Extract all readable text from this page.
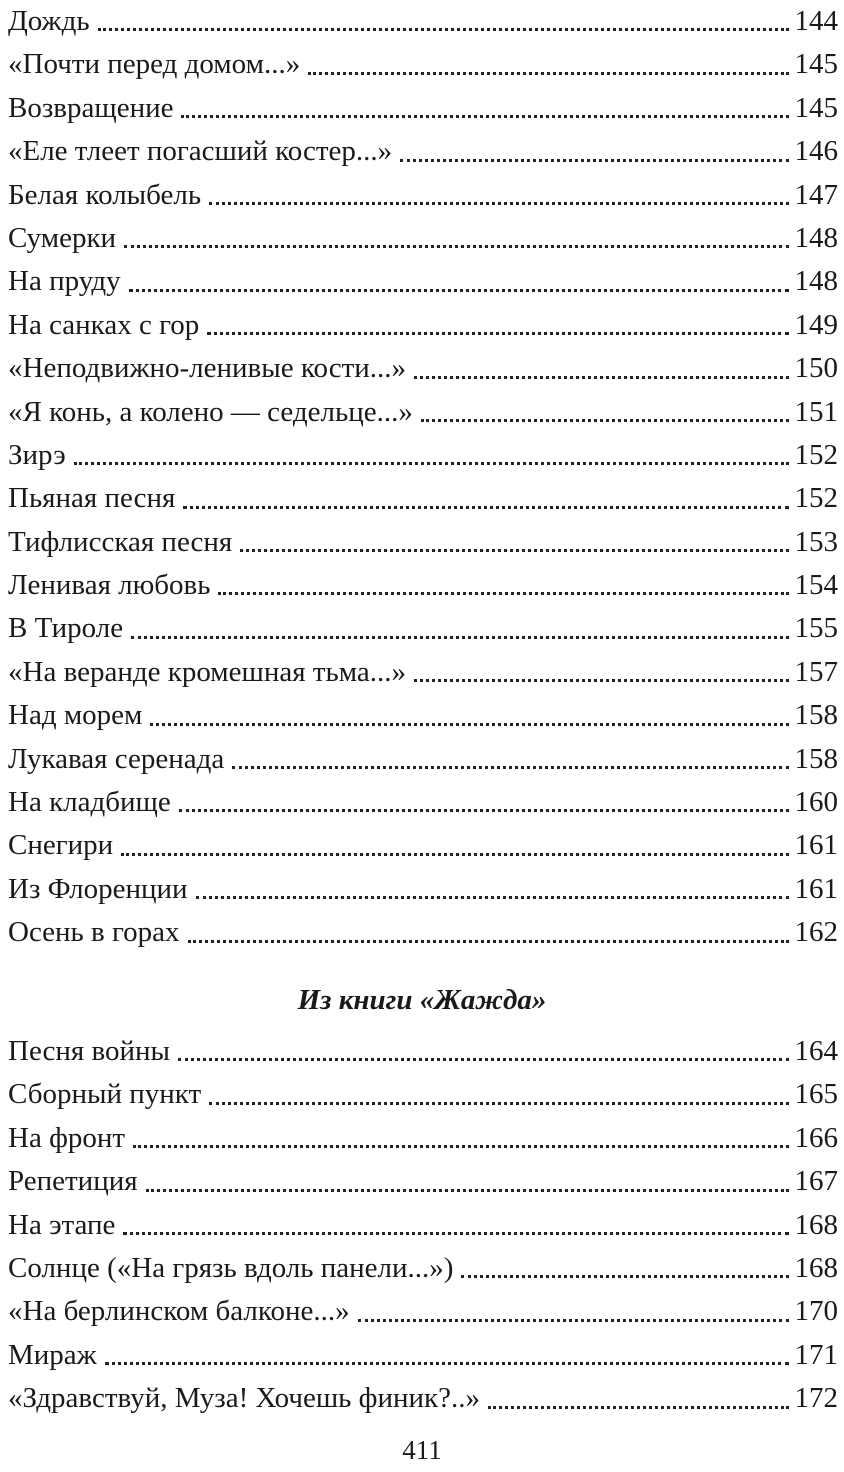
Дождь	144
«Почти перед домом...»	145
Возвращение	145
«Еле тлеет погасший костер...»	146
Белая колыбель	147
Сумерки	148
На пруду	148
На санках с гор	149
«Неподвижно-ленивые кости...»	150
«Я конь, а колено — седельце...»	151
Зирэ	152
Пьяная песня	152
Тифлисская песня	153
Ленивая любовь	154
В Тироле	155
«На веранде кромешная тьма...»	157
Над морем	158
Лукавая серенада	158
На кладбище	160
Снегири	161
Из Флоренции	161
Осень в горах	162
Из книги «Жажда»
Песня войны	164
Сборный пункт	165
На фронт	166
Репетиция	167
На этапе	168
Солнце («На грязь вдоль панели...»)	168
«На берлинском балконе...»	170
Мираж	171
«Здравствуй, Муза! Хочешь финик?..»	172
411
